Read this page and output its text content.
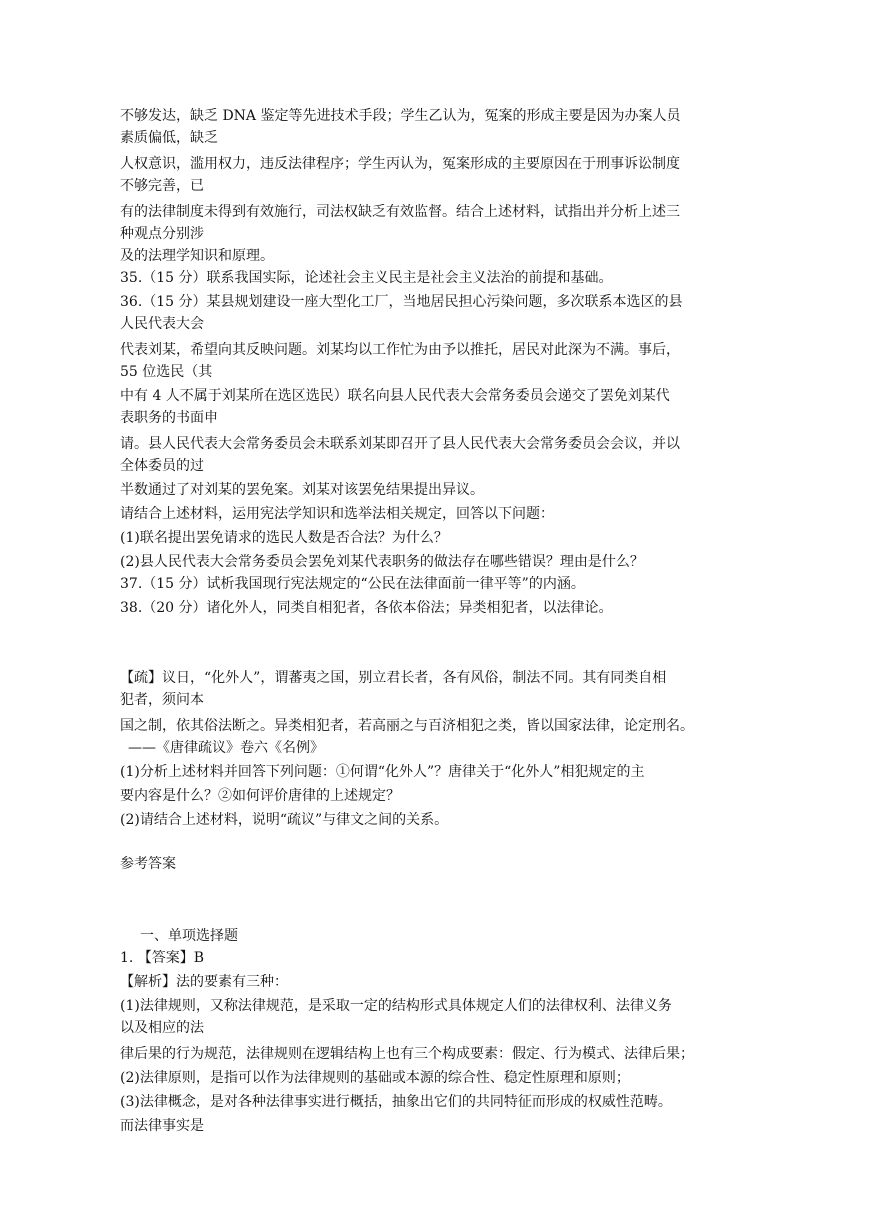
不够发达，缺乏 DNA 鉴定等先进技术手段；学生乙认为，冤案的形成主要是因为办案人员
素质偏低，缺乏
人权意识，滥用权力，违反法律程序；学生丙认为，冤案形成的主要原因在于刑事诉讼制度
不够完善，已
有的法律制度未得到有效施行，司法权缺乏有效监督。结合上述材料，试指出并分析上述三
种观点分别涉
及的法理学知识和原理。
35.（15 分）联系我国实际，论述社会主义民主是社会主义法治的前提和基础。
36.（15 分）某县规划建设一座大型化工厂，当地居民担心污染问题，多次联系本选区的县
人民代表大会
代表刘某，希望向其反映问题。刘某均以工作忙为由予以推托，居民对此深为不满。事后，
55 位选民（其
中有 4 人不属于刘某所在选区选民）联名向县人民代表大会常务委员会递交了罢免刘某代
表职务的书面申
请。县人民代表大会常务委员会未联系刘某即召开了县人民代表大会常务委员会会议，并以
全体委员的过
半数通过了对刘某的罢免案。刘某对该罢免结果提出异议。
请结合上述材料，运用宪法学知识和选举法相关规定，回答以下问题：
(1)联名提出罢免请求的选民人数是否合法？为什么？
(2)县人民代表大会常务委员会罢免刘某代表职务的做法存在哪些错误？理由是什么？
37.（15 分）试析我国现行宪法规定的“公民在法律面前一律平等”的内涵。
38.（20 分）诸化外人，同类自相犯者，各依本俗法；异类相犯者，以法律论。
【疏】议日，“化外人”，谓蕃夷之国，别立君长者，各有风俗，制法不同。其有同类自相
犯者，须问本
国之制，依其俗法断之。异类相犯者，若高丽之与百济相犯之类，皆以国家法律，论定刑名。
——《唐律疏议》卷六《名例》
(1)分析上述材料并回答下列问题：①何谓“化外人”？唐律关于“化外人”相犯规定的主
要内容是什么？②如何评价唐律的上述规定？
(2)请结合上述材料，说明“疏议”与律文之间的关系。
参考答案
一、单项选择题
1. 【答案】B
【解析】法的要素有三种：
(1)法律规则，又称法律规范，是采取一定的结构形式具体规定人们的法律权利、法律义务
以及相应的法
律后果的行为规范，法律规则在逻辑结构上也有三个构成要素：假定、行为模式、法律后果；
(2)法律原则，是指可以作为法律规则的基础或本源的综合性、稳定性原理和原则；
(3)法律概念，是对各种法律事实进行概括，抽象出它们的共同特征而形成的权威性范畴。
而法律事实是
